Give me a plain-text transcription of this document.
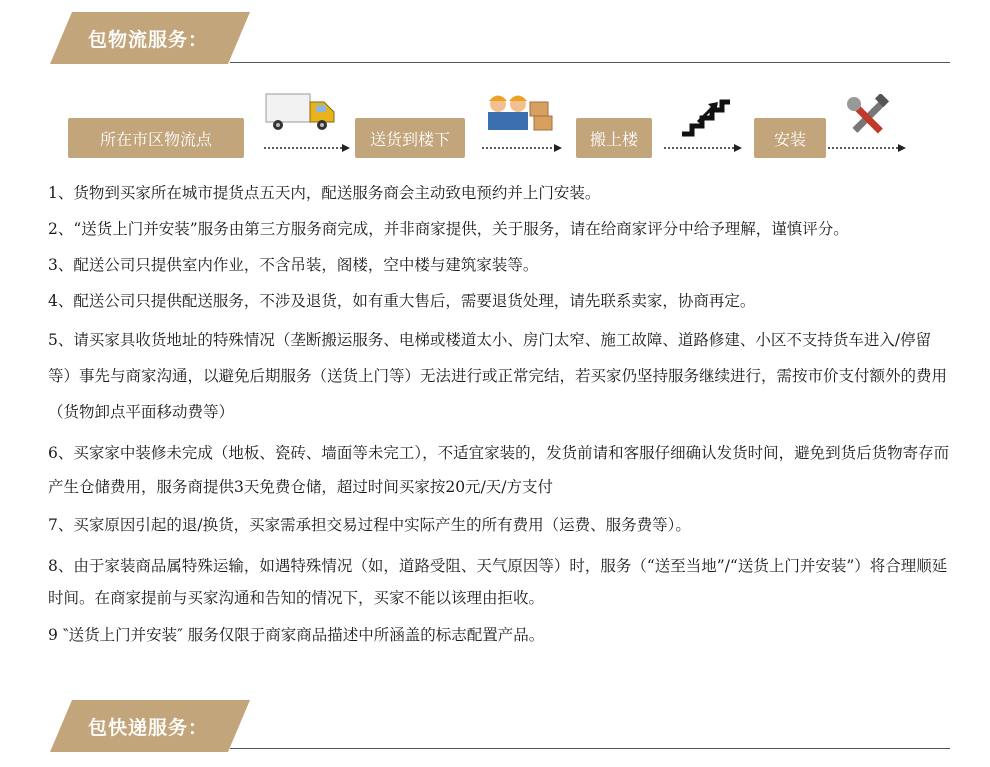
包物流服务：
所在市区物流点	送货到楼下	搬上楼	安装

1、货物到买家所在城市提货点五天内，配送服务商会主动致电预约并上门安装。

2、“送货上门并安装”服务由第三方服务商完成，并非商家提供，关于服务，请在给商家评分中给予理解，谨慎评分。

3、配送公司只提供室内作业，不含吊装，阁楼，空中楼与建筑家装等。

4、配送公司只提供配送服务，不涉及退货，如有重大售后，需要退货处理，请先联系卖家，协商再定。

5、请买家具收货地址的特殊情况（垄断搬运服务、电梯或楼道太小、房门太窄、施工故障、道路修建、小区不支持货车进入/停留等）事先与商家沟通，以避免后期服务（送货上门等）无法进行或正常完结，若买家仍坚持服务继续进行，需按市价支付额外的费用（货物卸点平面移动费等）

6、买家家中装修未完成（地板、瓷砖、墙面等未完工），不适宜家装的，发货前请和客服仔细确认发货时间，避免到货后货物寄存而产生仓储费用，服务商提供3天免费仓储，超过时间买家按20元/天/方支付

7、买家原因引起的退/换货，买家需承担交易过程中实际产生的所有费用（运费、服务费等）。

8、由于家装商品属特殊运输，如遇特殊情况（如，道路受阻、天气原因等）时，服务（“送至当地”/“送货上门并安装”）将合理顺延时间。在商家提前与买家沟通和告知的情况下，买家不能以该理由拒收。

9 ‶送货上门并安装″ 服务仅限于商家商品描述中所涵盖的标志配置产品。

包快递服务：
